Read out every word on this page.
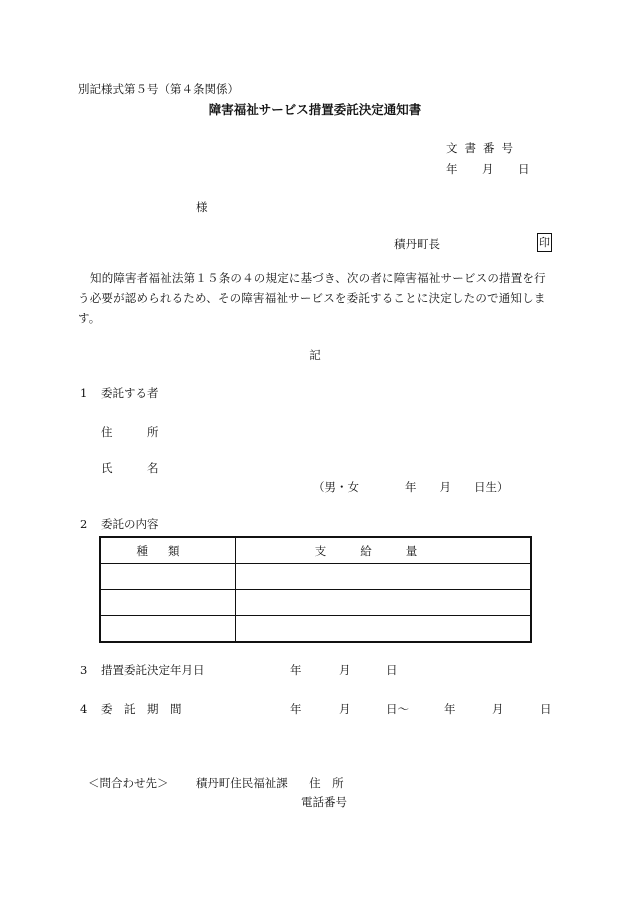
別記様式第５号（第４条関係）
障害福祉サービス措置委託決定通知書
文書番号
年 月 日
様
積丹町長	印
知的障害者福祉法第１５条の４の規定に基づき、次の者に障害福祉サービスの措置を行う必要が認められるため、その障害福祉サービスを委託することに決定したので通知します。
記
1 委託する者
住	所
氏	名
（男・女　　　　年　　月　　日生）
2 委託の内容
種類	支給量

3 措置委託決定年月日	年	月	日
4 委　託　期　間	年	月	日～	年	月	日
＜問合わせ先＞ 積丹町住民福祉課 住　所
電話番号
